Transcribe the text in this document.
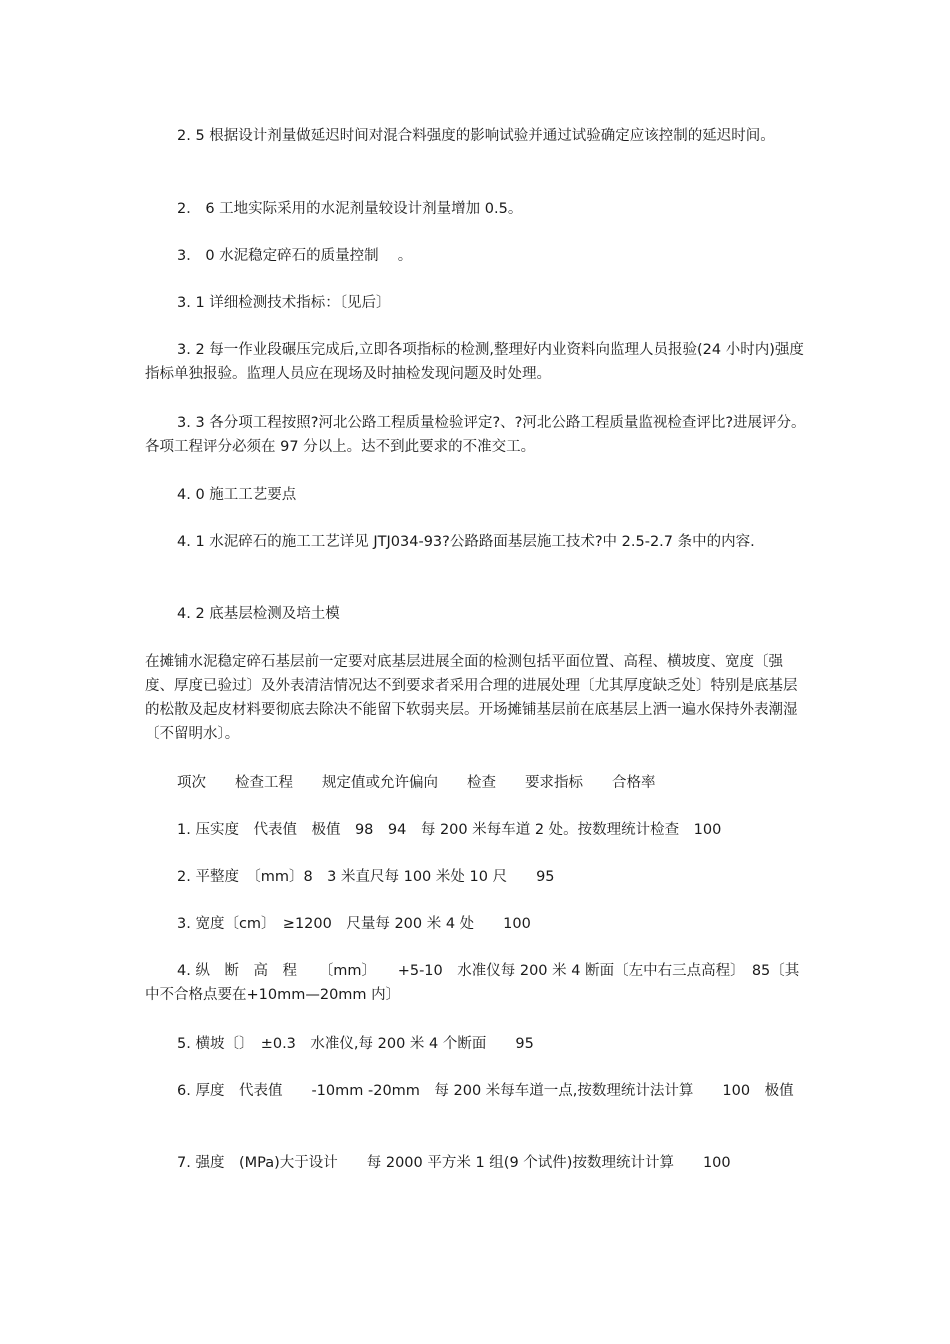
2. 5 根据设计剂量做延迟时间对混合料强度的影响试验并通过试验确定应该控制的延迟时间。
2． 6 工地实际采用的水泥剂量较设计剂量增加 0.5。
3． 0 水泥稳定碎石的质量控制　 。
3. 1 详细检测技术指标：〔见后〕
3. 2 每一作业段碾压完成后,立即各项指标的检测,整理好内业资料向监理人员报验(24 小时内)强度指标单独报验。监理人员应在现场及时抽检发现问题及时处理。
3. 3 各分项工程按照?河北公路工程质量检验评定?、?河北公路工程质量监视检查评比?进展评分。各项工程评分必须在 97 分以上。达不到此要求的不准交工。
4. 0 施工工艺要点
4. 1 水泥碎石的施工工艺详见 JTJ034-93?公路路面基层施工技术?中 2.5-2.7 条中的内容.
4. 2 底基层检测及培土模
在摊铺水泥稳定碎石基层前一定要对底基层进展全面的检测包括平面位置、高程、横坡度、宽度〔强度、厚度已验过〕及外表清洁情况达不到要求者采用合理的进展处理〔尤其厚度缺乏处〕特别是底基层的松散及起皮材料要彻底去除决不能留下软弱夹层。开场摊铺基层前在底基层上洒一遍水保持外表潮湿〔不留明水〕。
项次　　检查工程　　规定值或允许偏向　　检查　　要求指标　　合格率
1. 压实度　代表值　极值　98　94　每 200 米每车道 2 处。按数理统计检查　100
2. 平整度　〔mm〕8　3 米直尺每 100 米处 10 尺　　95
3. 宽度〔cm〕　≥1200　尺量每 200 米 4 处　　100
4. 纵　断　高　程　　〔mm〕　　+5-10　水准仪每 200 米 4 断面〔左中右三点高程〕　85〔其中不合格点要在+10mm—20mm 内〕
5. 横坡〔〕　±0.3　水准仪,每 200 米 4 个断面　　95
6. 厚度　代表值　　-10mm -20mm　每 200 米每车道一点,按数理统计法计算　　100　极值
7. 强度　(MPa)大于设计　　每 2000 平方米 1 组(9 个试件)按数理统计计算　　100
